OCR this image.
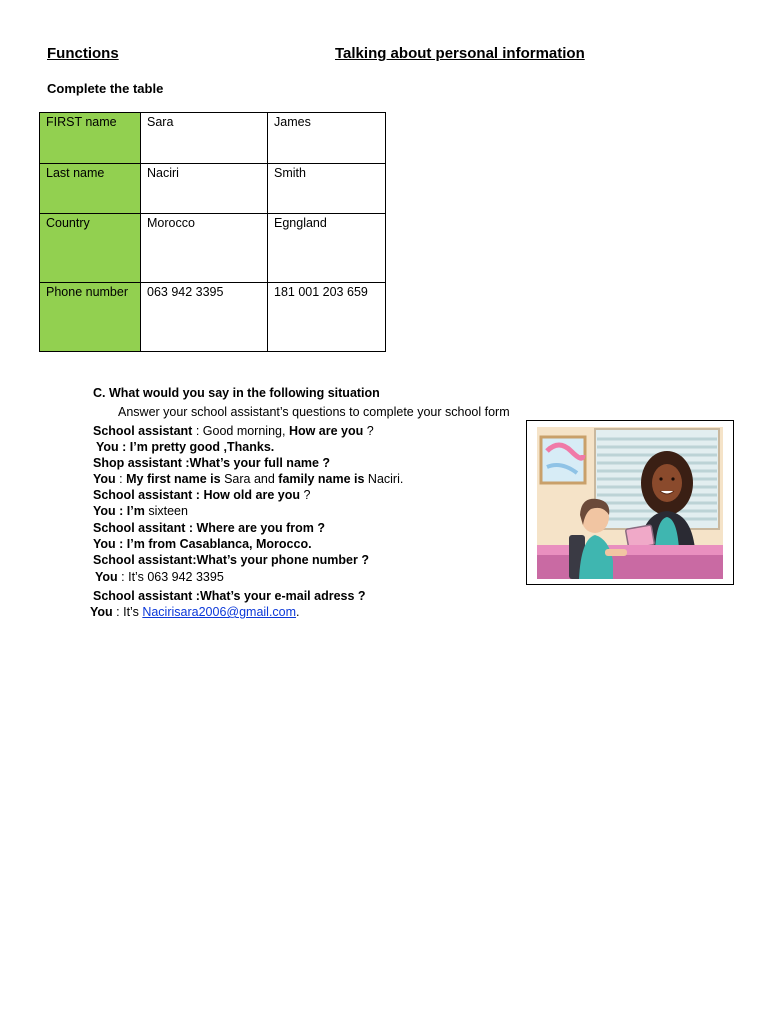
Functions	Talking about personal information
Complete the table
FIRST name	Sara	James
Last name	Naciri	Smith
Country	Morocco	Egngland
Phone number	063 942 3395	181 001 203 659
C. What would you say in the following situation
Answer your school assistant’s questions to complete your school form
School assistant : Good morning, How are you ?
You : I’m pretty good ,Thanks.
Shop assistant :What’s your full name ?
You : My first name is Sara and family name is Naciri.
School assistant : How old are you ?
You : I’m sixteen
School assitant : Where are you from ?
You : I’m from Casablanca, Morocco.
School assistant:What’s your phone number ?
You : It’s 063 942 3395
School assistant :What’s your e-mail adress ?
You : It’s Nacirisara2006@gmail.com.
